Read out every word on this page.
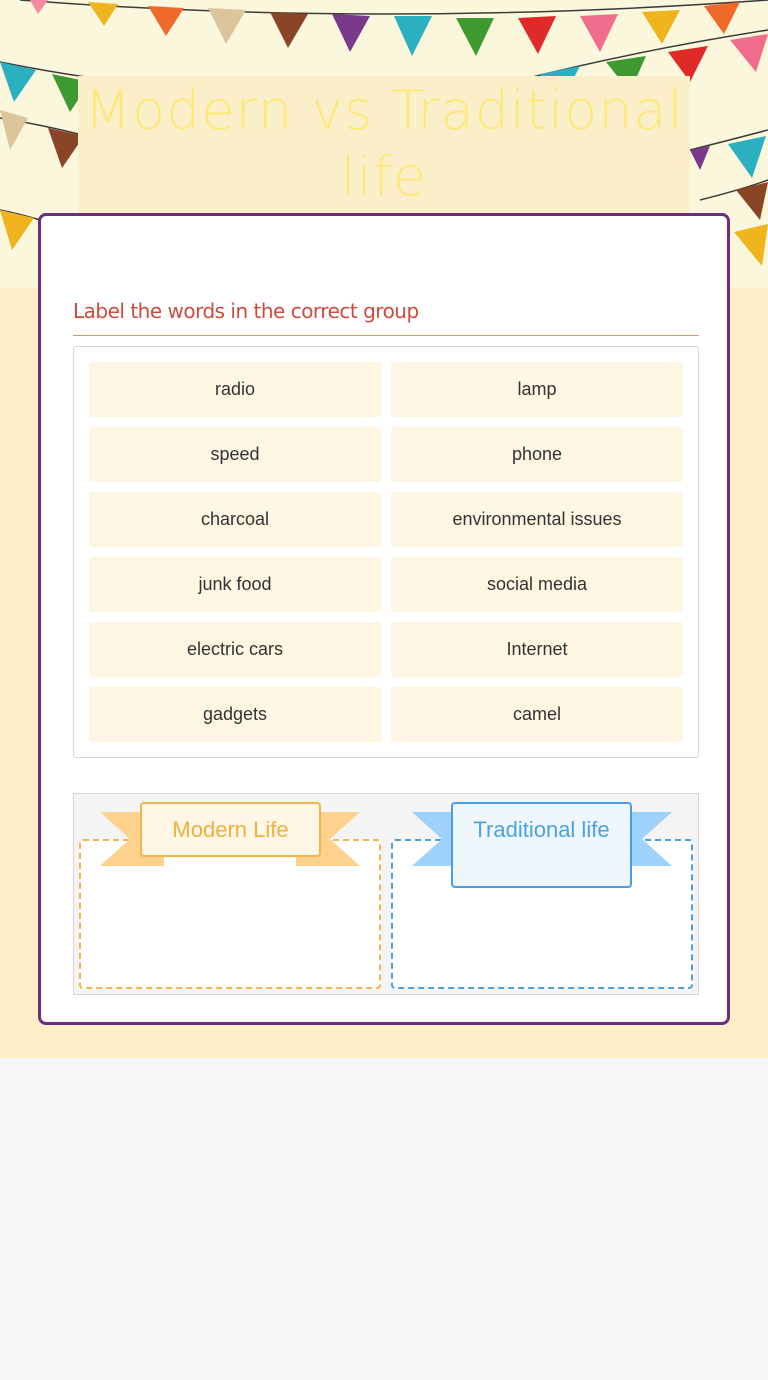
Modern vs Traditional life
Label the words in the correct group
radio	lamp
speed	phone
charcoal	environmental issues
junk food	social media
electric cars	Internet
gadgets	camel
Modern Life	Traditional life
